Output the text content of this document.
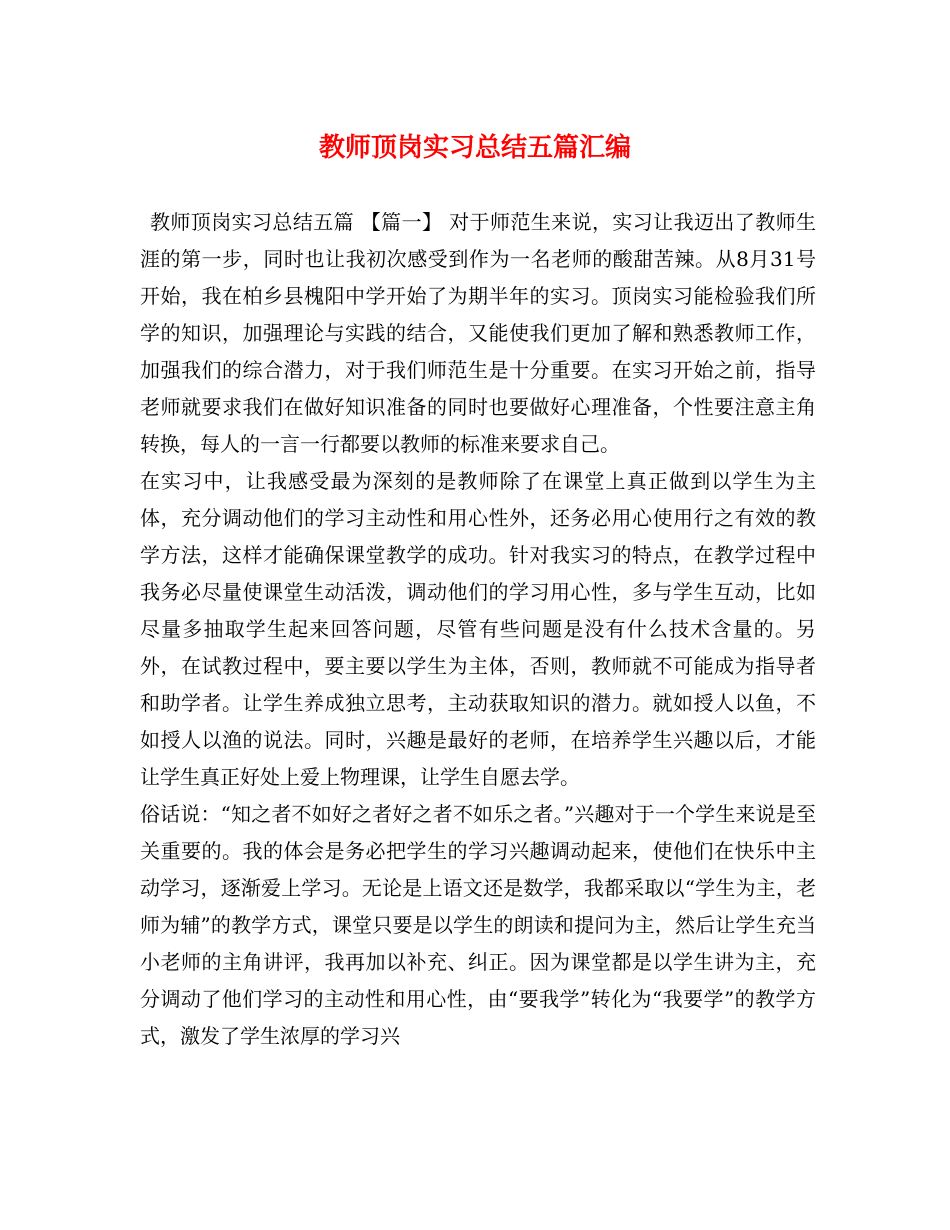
教师顶岗实习总结五篇汇编

教师顶岗实习总结五篇 【篇一】 对于师范生来说，实习让我迈出了教师生涯的第一步，同时也让我初次感受到作为一名老师的酸甜苦辣。从8月31号开始，我在柏乡县槐阳中学开始了为期半年的实习。顶岗实习能检验我们所学的知识，加强理论与实践的结合，又能使我们更加了解和熟悉教师工作，加强我们的综合潜力，对于我们师范生是十分重要。在实习开始之前，指导老师就要求我们在做好知识准备的同时也要做好心理准备，个性要注意主角转换，每人的一言一行都要以教师的标准来要求自己。

在实习中，让我感受最为深刻的是教师除了在课堂上真正做到以学生为主体，充分调动他们的学习主动性和用心性外，还务必用心使用行之有效的教学方法，这样才能确保课堂教学的成功。针对我实习的特点，在教学过程中我务必尽量使课堂生动活泼，调动他们的学习用心性，多与学生互动，比如尽量多抽取学生起来回答问题，尽管有些问题是没有什么技术含量的。另外，在试教过程中，要主要以学生为主体，否则，教师就不可能成为指导者和助学者。让学生养成独立思考，主动获取知识的潜力。就如授人以鱼，不如授人以渔的说法。同时，兴趣是最好的老师，在培养学生兴趣以后，才能让学生真正好处上爱上物理课，让学生自愿去学。

俗话说：“知之者不如好之者好之者不如乐之者。”兴趣对于一个学生来说是至关重要的。我的体会是务必把学生的学习兴趣调动起来，使他们在快乐中主动学习，逐渐爱上学习。无论是上语文还是数学，我都采取以“学生为主，老师为辅”的教学方式，课堂只要是以学生的朗读和提问为主，然后让学生充当小老师的主角讲评，我再加以补充、纠正。因为课堂都是以学生讲为主，充分调动了他们学习的主动性和用心性，由“要我学”转化为“我要学”的教学方式，激发了学生浓厚的学习兴
